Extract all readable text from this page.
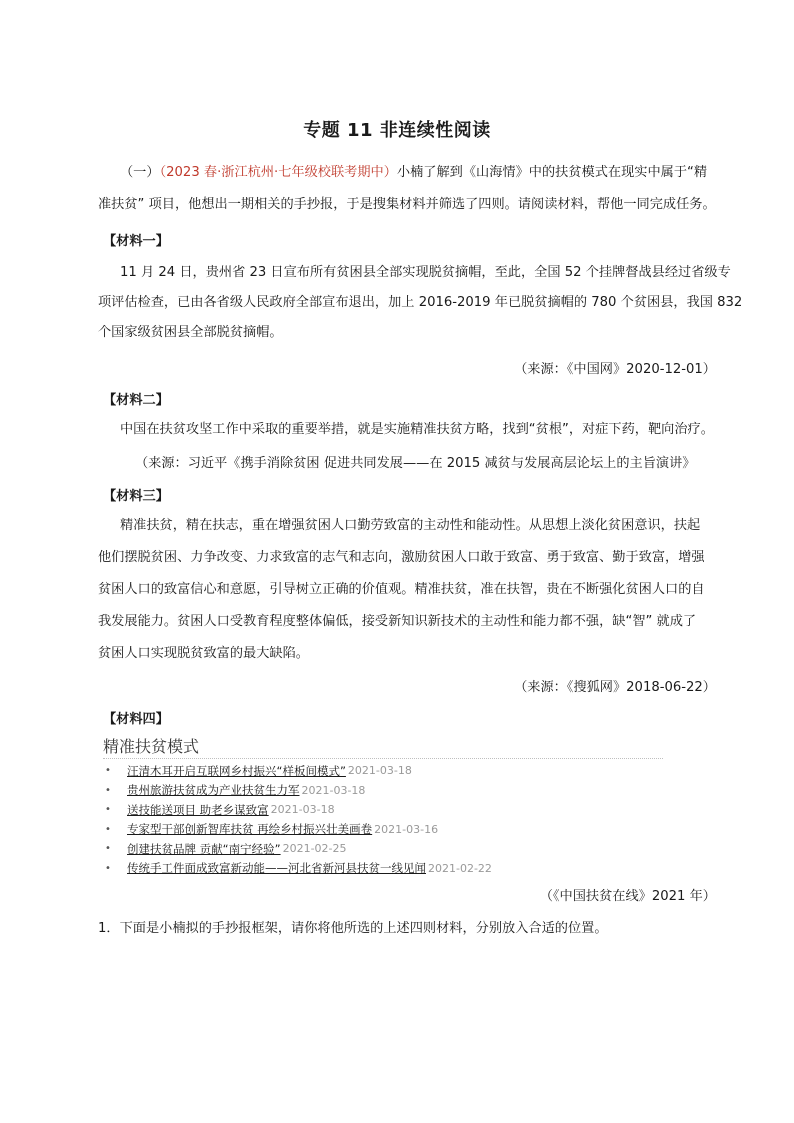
专题 11 非连续性阅读
（一）（2023 春·浙江杭州·七年级校联考期中）小楠了解到《山海情》中的扶贫模式在现实中属于“精
准扶贫” 项目，他想出一期相关的手抄报，于是搜集材料并筛选了四则。请阅读材料，帮他一同完成任务。
【材料一】
11 月 24 日，贵州省 23 日宣布所有贫困县全部实现脱贫摘帽，至此，全国 52 个挂牌督战县经过省级专
项评估检查，已由各省级人民政府全部宣布退出，加上 2016-2019 年已脱贫摘帽的 780 个贫困县，我国 832
个国家级贫困县全部脱贫摘帽。
（来源：《中国网》2020-12-01）
【材料二】
中国在扶贫攻坚工作中采取的重要举措，就是实施精准扶贫方略，找到“贫根”，对症下药，靶向治疗。
（来源：习近平《携手消除贫困 促进共同发展——在 2015 减贫与发展高层论坛上的主旨演讲》
【材料三】
精准扶贫，精在扶志，重在增强贫困人口勤劳致富的主动性和能动性。从思想上淡化贫困意识，扶起
他们摆脱贫困、力争改变、力求致富的志气和志向，激励贫困人口敢于致富、勇于致富、勤于致富，增强
贫困人口的致富信心和意愿，引导树立正确的价值观。精准扶贫，准在扶智，贵在不断强化贫困人口的自
我发展能力。贫困人口受教育程度整体偏低，接受新知识新技术的主动性和能力都不强，缺“智” 就成了
贫困人口实现脱贫致富的最大缺陷。
（来源：《搜狐网》2018-06-22）
【材料四】
精准扶贫模式
•	汪清木耳开启互联网乡村振兴“样板间模式” 2021-03-18
•	贵州旅游扶贫成为产业扶贫生力军 2021-03-18
•	送技能送项目 助老乡谋致富 2021-03-18
•	专家型干部创新智库扶贫 再绘乡村振兴壮美画卷 2021-03-16
•	创建扶贫品牌 贡献“南宁经验” 2021-02-25
•	传统手工件面成致富新动能——河北省新河县扶贫一线见闻 2021-02-22
（《中国扶贫在线》2021 年）
1．下面是小楠拟的手抄报框架，请你将他所选的上述四则材料，分别放入合适的位置。
